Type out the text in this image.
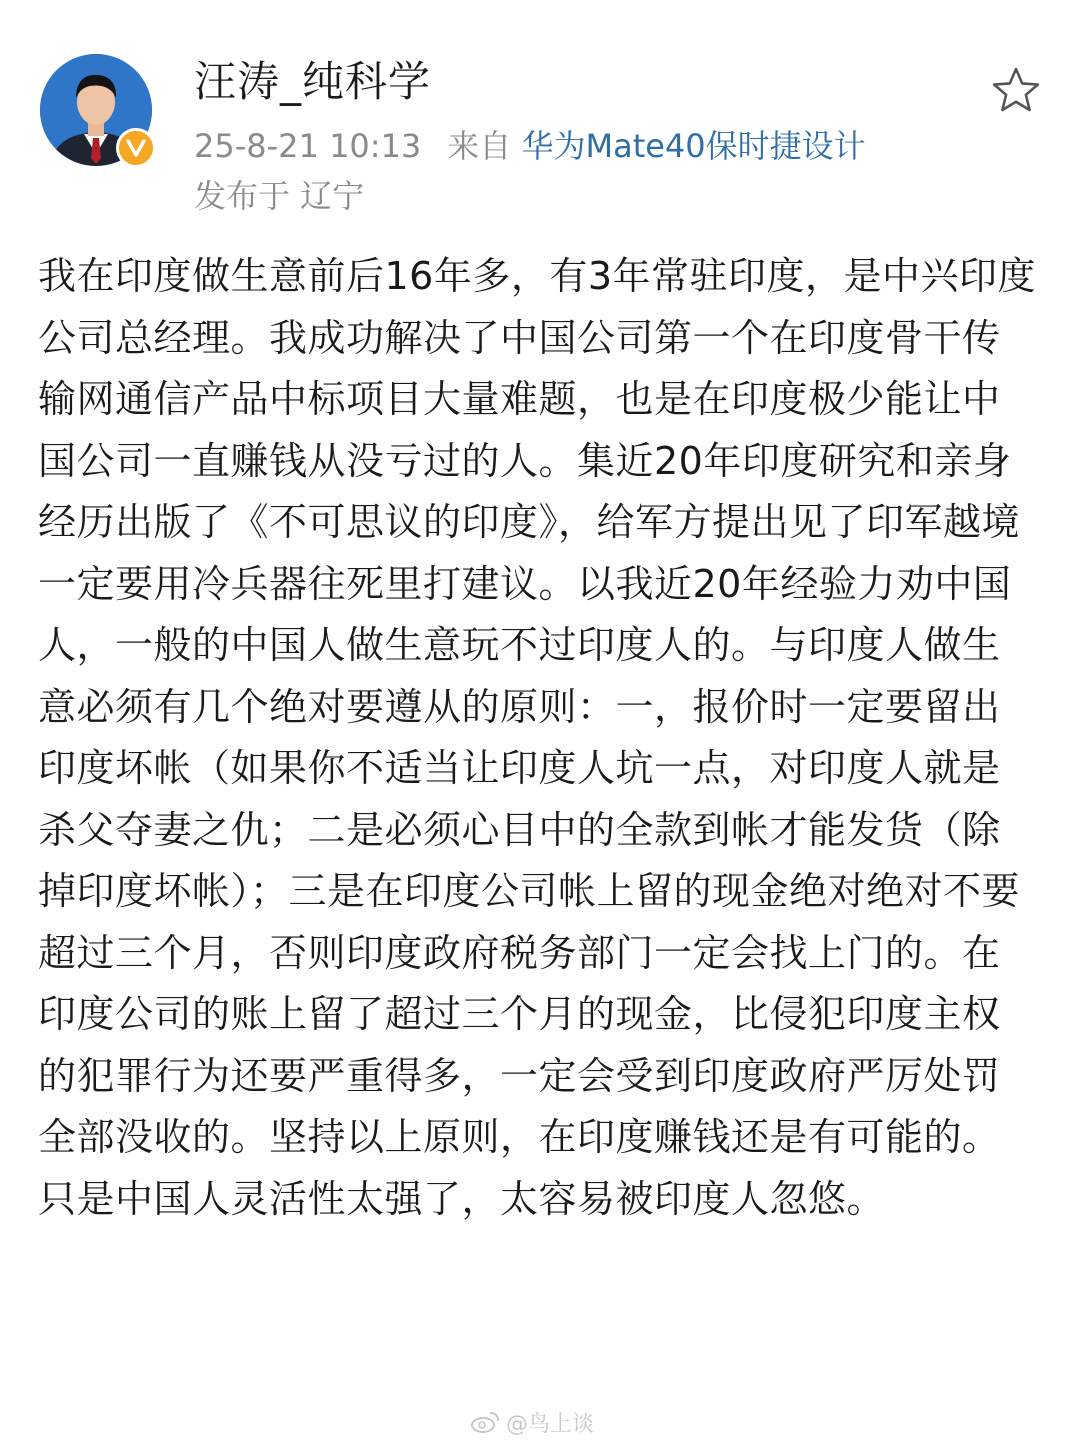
汪涛_纯科学
25-8-21 10:13 来自 华为Mate40保时捷设计
发布于 辽宁

我在印度做生意前后16年多，有3年常驻印度，是中兴印度公司总经理。我成功解决了中国公司第一个在印度骨干传输网通信产品中标项目大量难题，也是在印度极少能让中国公司一直赚钱从没亏过的人。集近20年印度研究和亲身经历出版了《不可思议的印度》，给军方提出见了印军越境一定要用冷兵器往死里打建议。以我近20年经验力劝中国人，一般的中国人做生意玩不过印度人的。与印度人做生意必须有几个绝对要遵从的原则：一，报价时一定要留出印度坏帐（如果你不适当让印度人坑一点，对印度人就是杀父夺妻之仇；二是必须心目中的全款到帐才能发货（除掉印度坏帐）；三是在印度公司帐上留的现金绝对绝对不要超过三个月，否则印度政府税务部门一定会找上门的。在印度公司的账上留了超过三个月的现金，比侵犯印度主权的犯罪行为还要严重得多，一定会受到印度政府严厉处罚全部没收的。坚持以上原则，在印度赚钱还是有可能的。只是中国人灵活性太强了，太容易被印度人忽悠。

@鸟上谈
